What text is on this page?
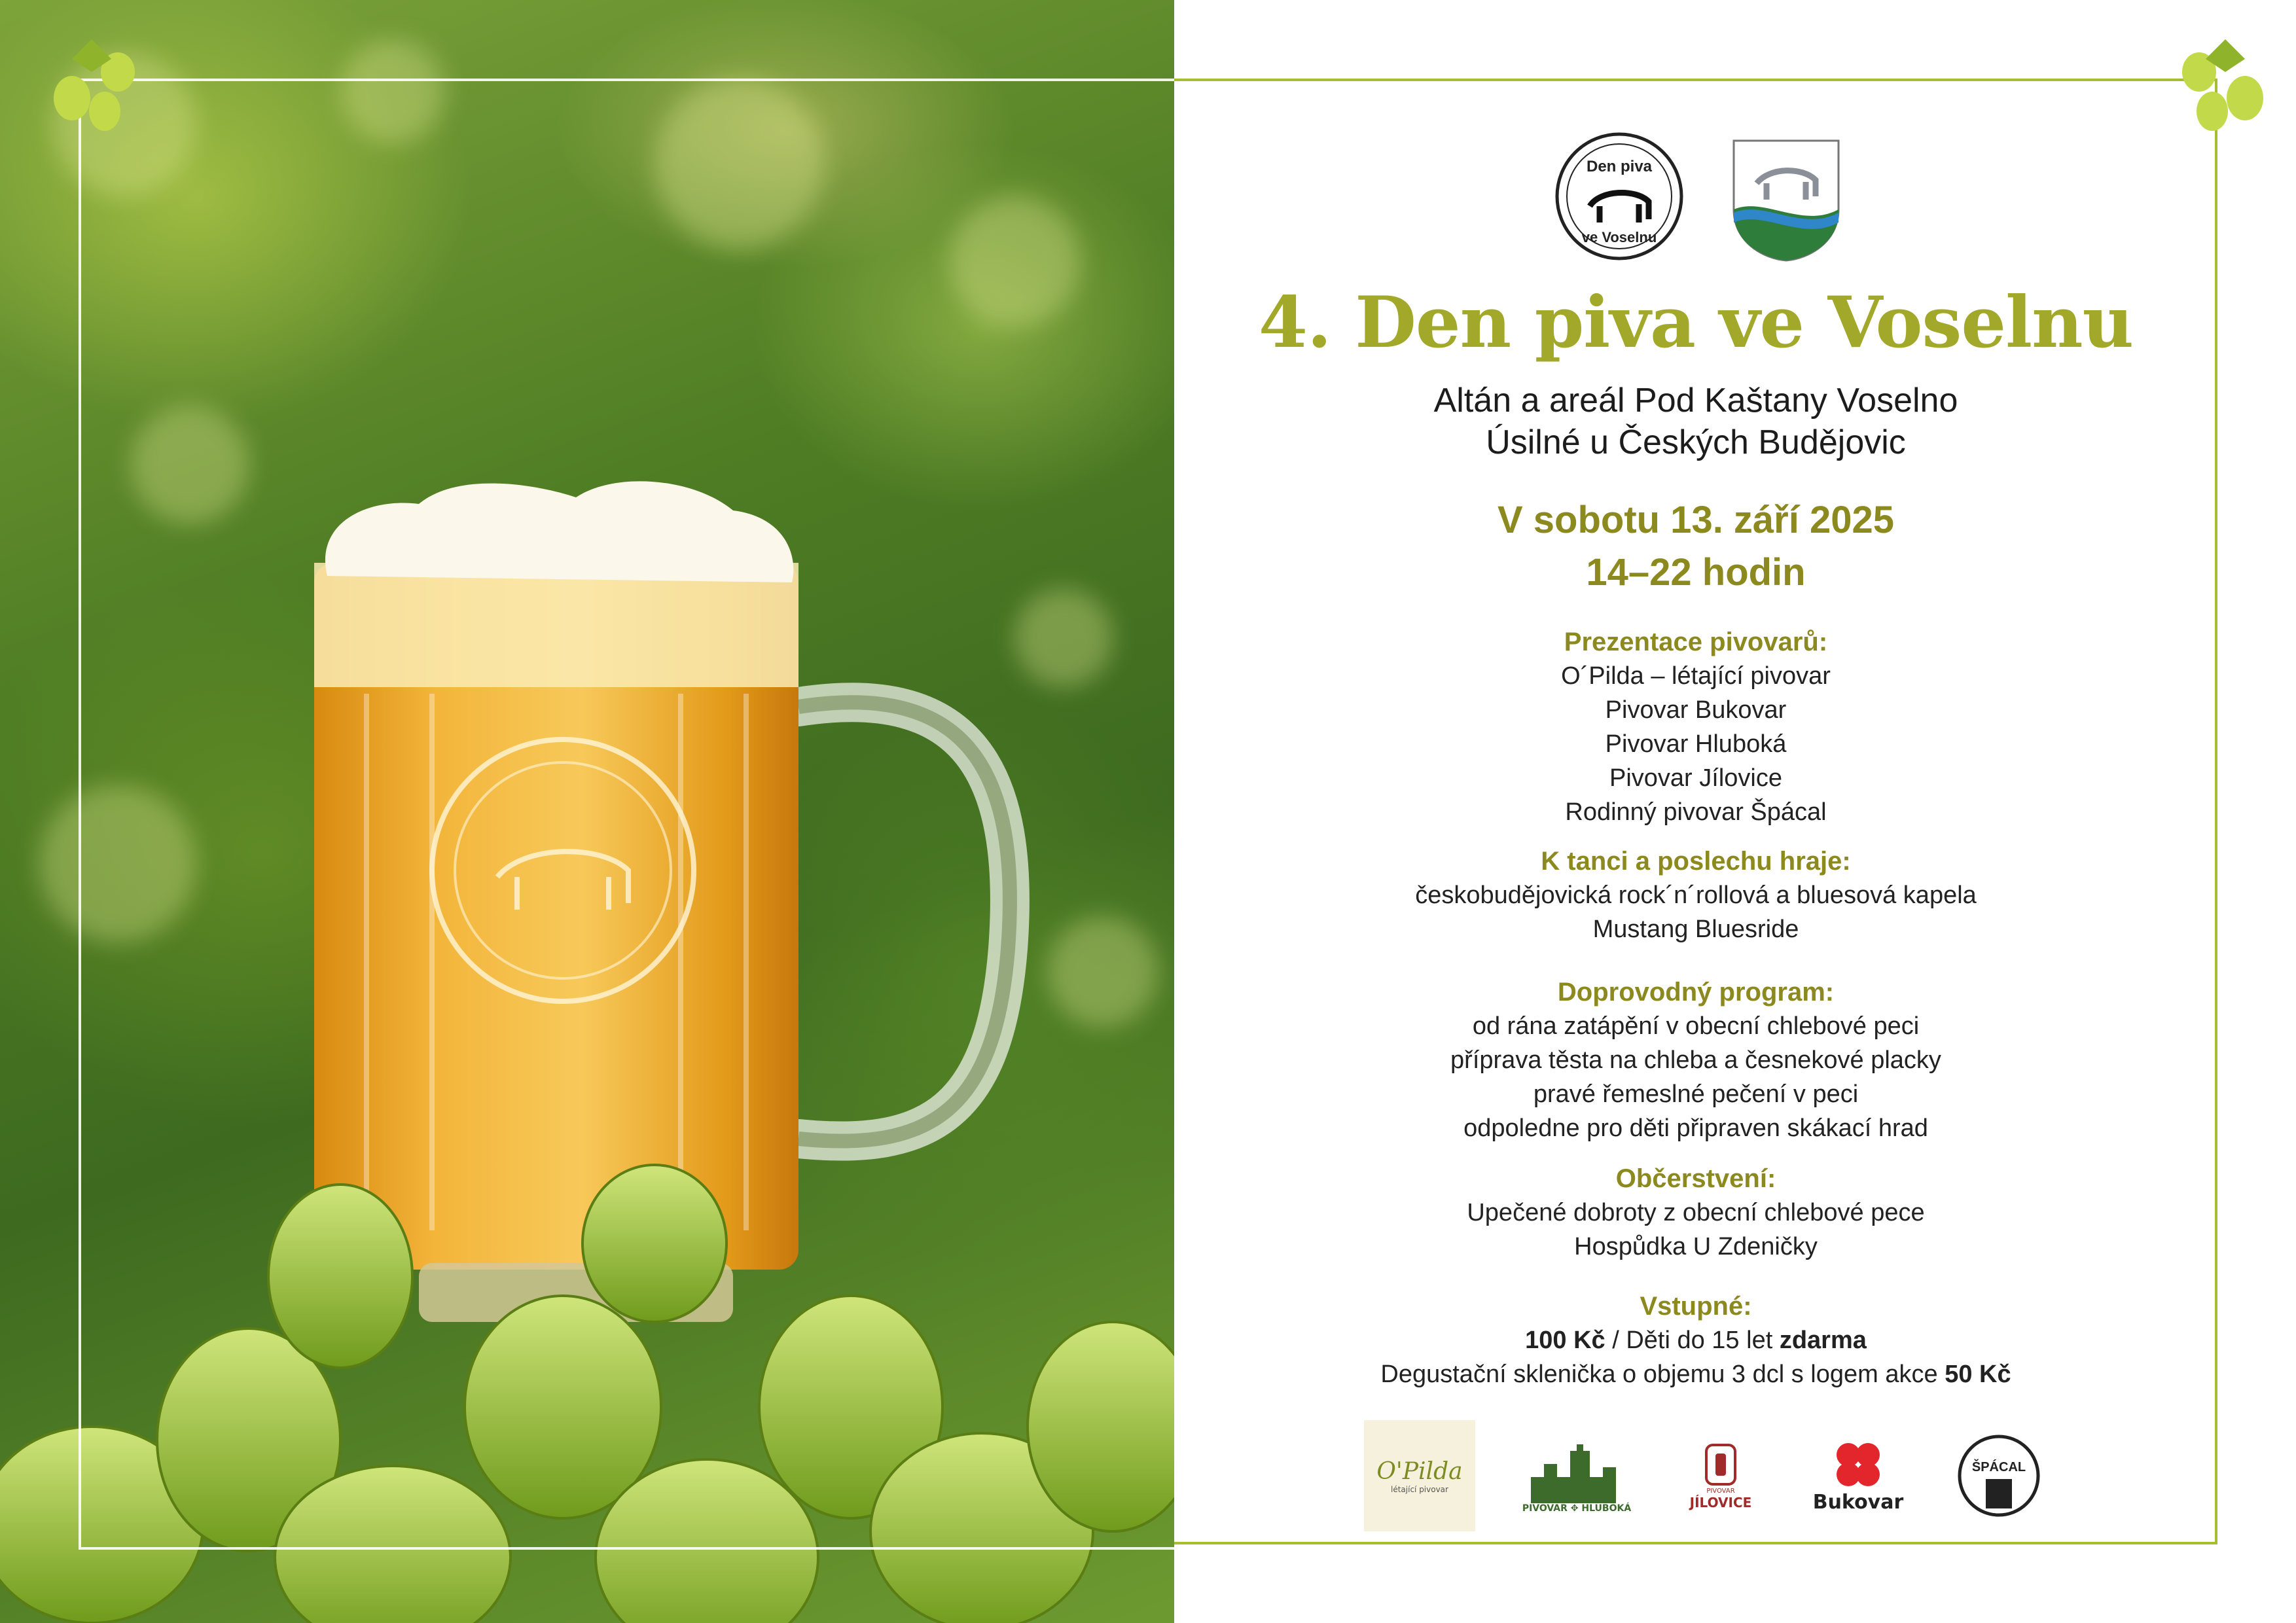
Den piva
ve Voselnu
4. Den piva ve Voselnu
Altán a areál Pod Kaštany Voselno
Úsilné u Českých Budějovic
V sobotu 13. září 2025
14–22 hodin
Prezentace pivovarů:
O´Pilda – létající pivovar
Pivovar Bukovar
Pivovar Hluboká
Pivovar Jílovice
Rodinný pivovar Špácal
K tanci a poslechu hraje:
českobudějovická rock´n´rollová a bluesová kapela
Mustang Bluesride
Doprovodný program:
od rána zatápění v obecní chlebové peci
příprava těsta na chleba a česnekové placky
pravé řemeslné pečení v peci
odpoledne pro děti připraven skákací hrad
Občerstvení:
Upečené dobroty z obecní chlebové pece
Hospůdka U Zdeničky
Vstupné:
100 Kč / Děti do 15 let zdarma
Degustační sklenička o objemu 3 dcl s logem akce 50 Kč
O'Pilda
létající pivovar
PIVOVAR ✥ HLUBOKÁ
PIVOVAR
JÍLOVICE	Bukovar
ŠPÁCAL
